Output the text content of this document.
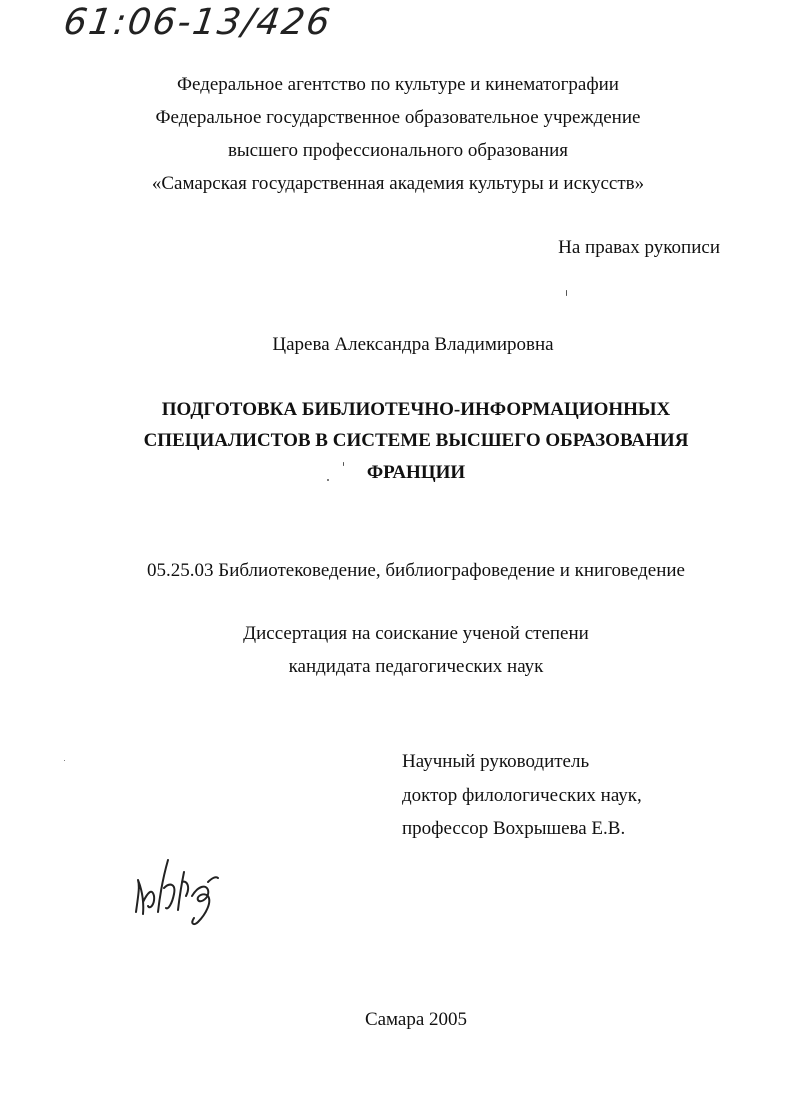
61:06-13/426
Федеральное агентство по культуре и кинематографии
Федеральное государственное образовательное учреждение
высшего профессионального образования
«Самарская государственная академия культуры и искусств»
На правах рукописи
Царева Александра Владимировна
ПОДГОТОВКА БИБЛИОТЕЧНО-ИНФОРМАЦИОННЫХ
СПЕЦИАЛИСТОВ В СИСТЕМЕ ВЫСШЕГО ОБРАЗОВАНИЯ
ФРАНЦИИ
05.25.03 Библиотековедение, библиографоведение и книговедение
Диссертация на соискание ученой степени
кандидата педагогических наук
Научный руководитель
доктор филологических наук,
профессор Вохрышева Е.В.
Самара 2005
